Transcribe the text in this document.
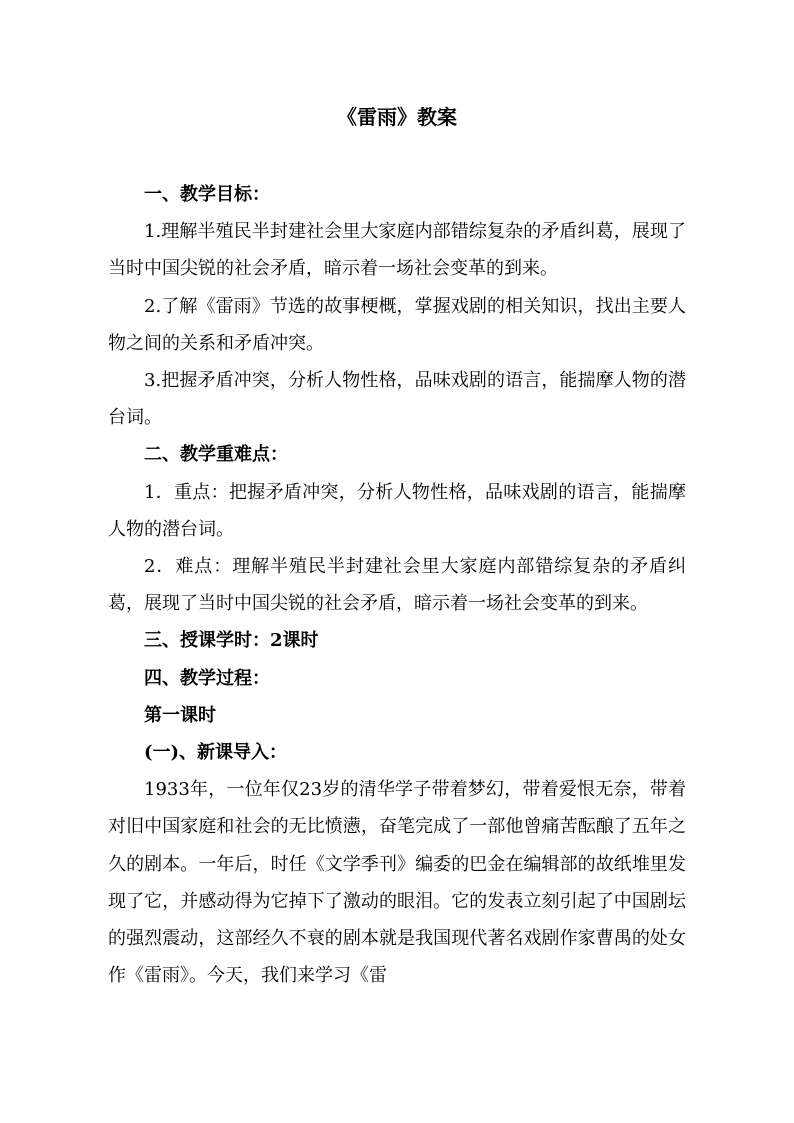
《雷雨》教案

一、教学目标：

1.理解半殖民半封建社会里大家庭内部错综复杂的矛盾纠葛，展现了当时中国尖锐的社会矛盾，暗示着一场社会变革的到来。

2.了解《雷雨》节选的故事梗概，掌握戏剧的相关知识，找出主要人物之间的关系和矛盾冲突。

3.把握矛盾冲突，分析人物性格，品味戏剧的语言，能揣摩人物的潜台词。

二、教学重难点：

1．重点：把握矛盾冲突，分析人物性格，品味戏剧的语言，能揣摩人物的潜台词。

2．难点：理解半殖民半封建社会里大家庭内部错综复杂的矛盾纠葛，展现了当时中国尖锐的社会矛盾，暗示着一场社会变革的到来。

三、授课学时：2课时

四、教学过程：

第一课时

(一)、新课导入：

1933年，一位年仅23岁的清华学子带着梦幻，带着爱恨无奈，带着对旧中国家庭和社会的无比愤懑，奋笔完成了一部他曾痛苦酝酿了五年之久的剧本。一年后，时任《文学季刊》编委的巴金在编辑部的故纸堆里发现了它，并感动得为它掉下了激动的眼泪。它的发表立刻引起了中国剧坛的强烈震动，这部经久不衰的剧本就是我国现代著名戏剧作家曹禺的处女作《雷雨》。今天，我们来学习《雷
